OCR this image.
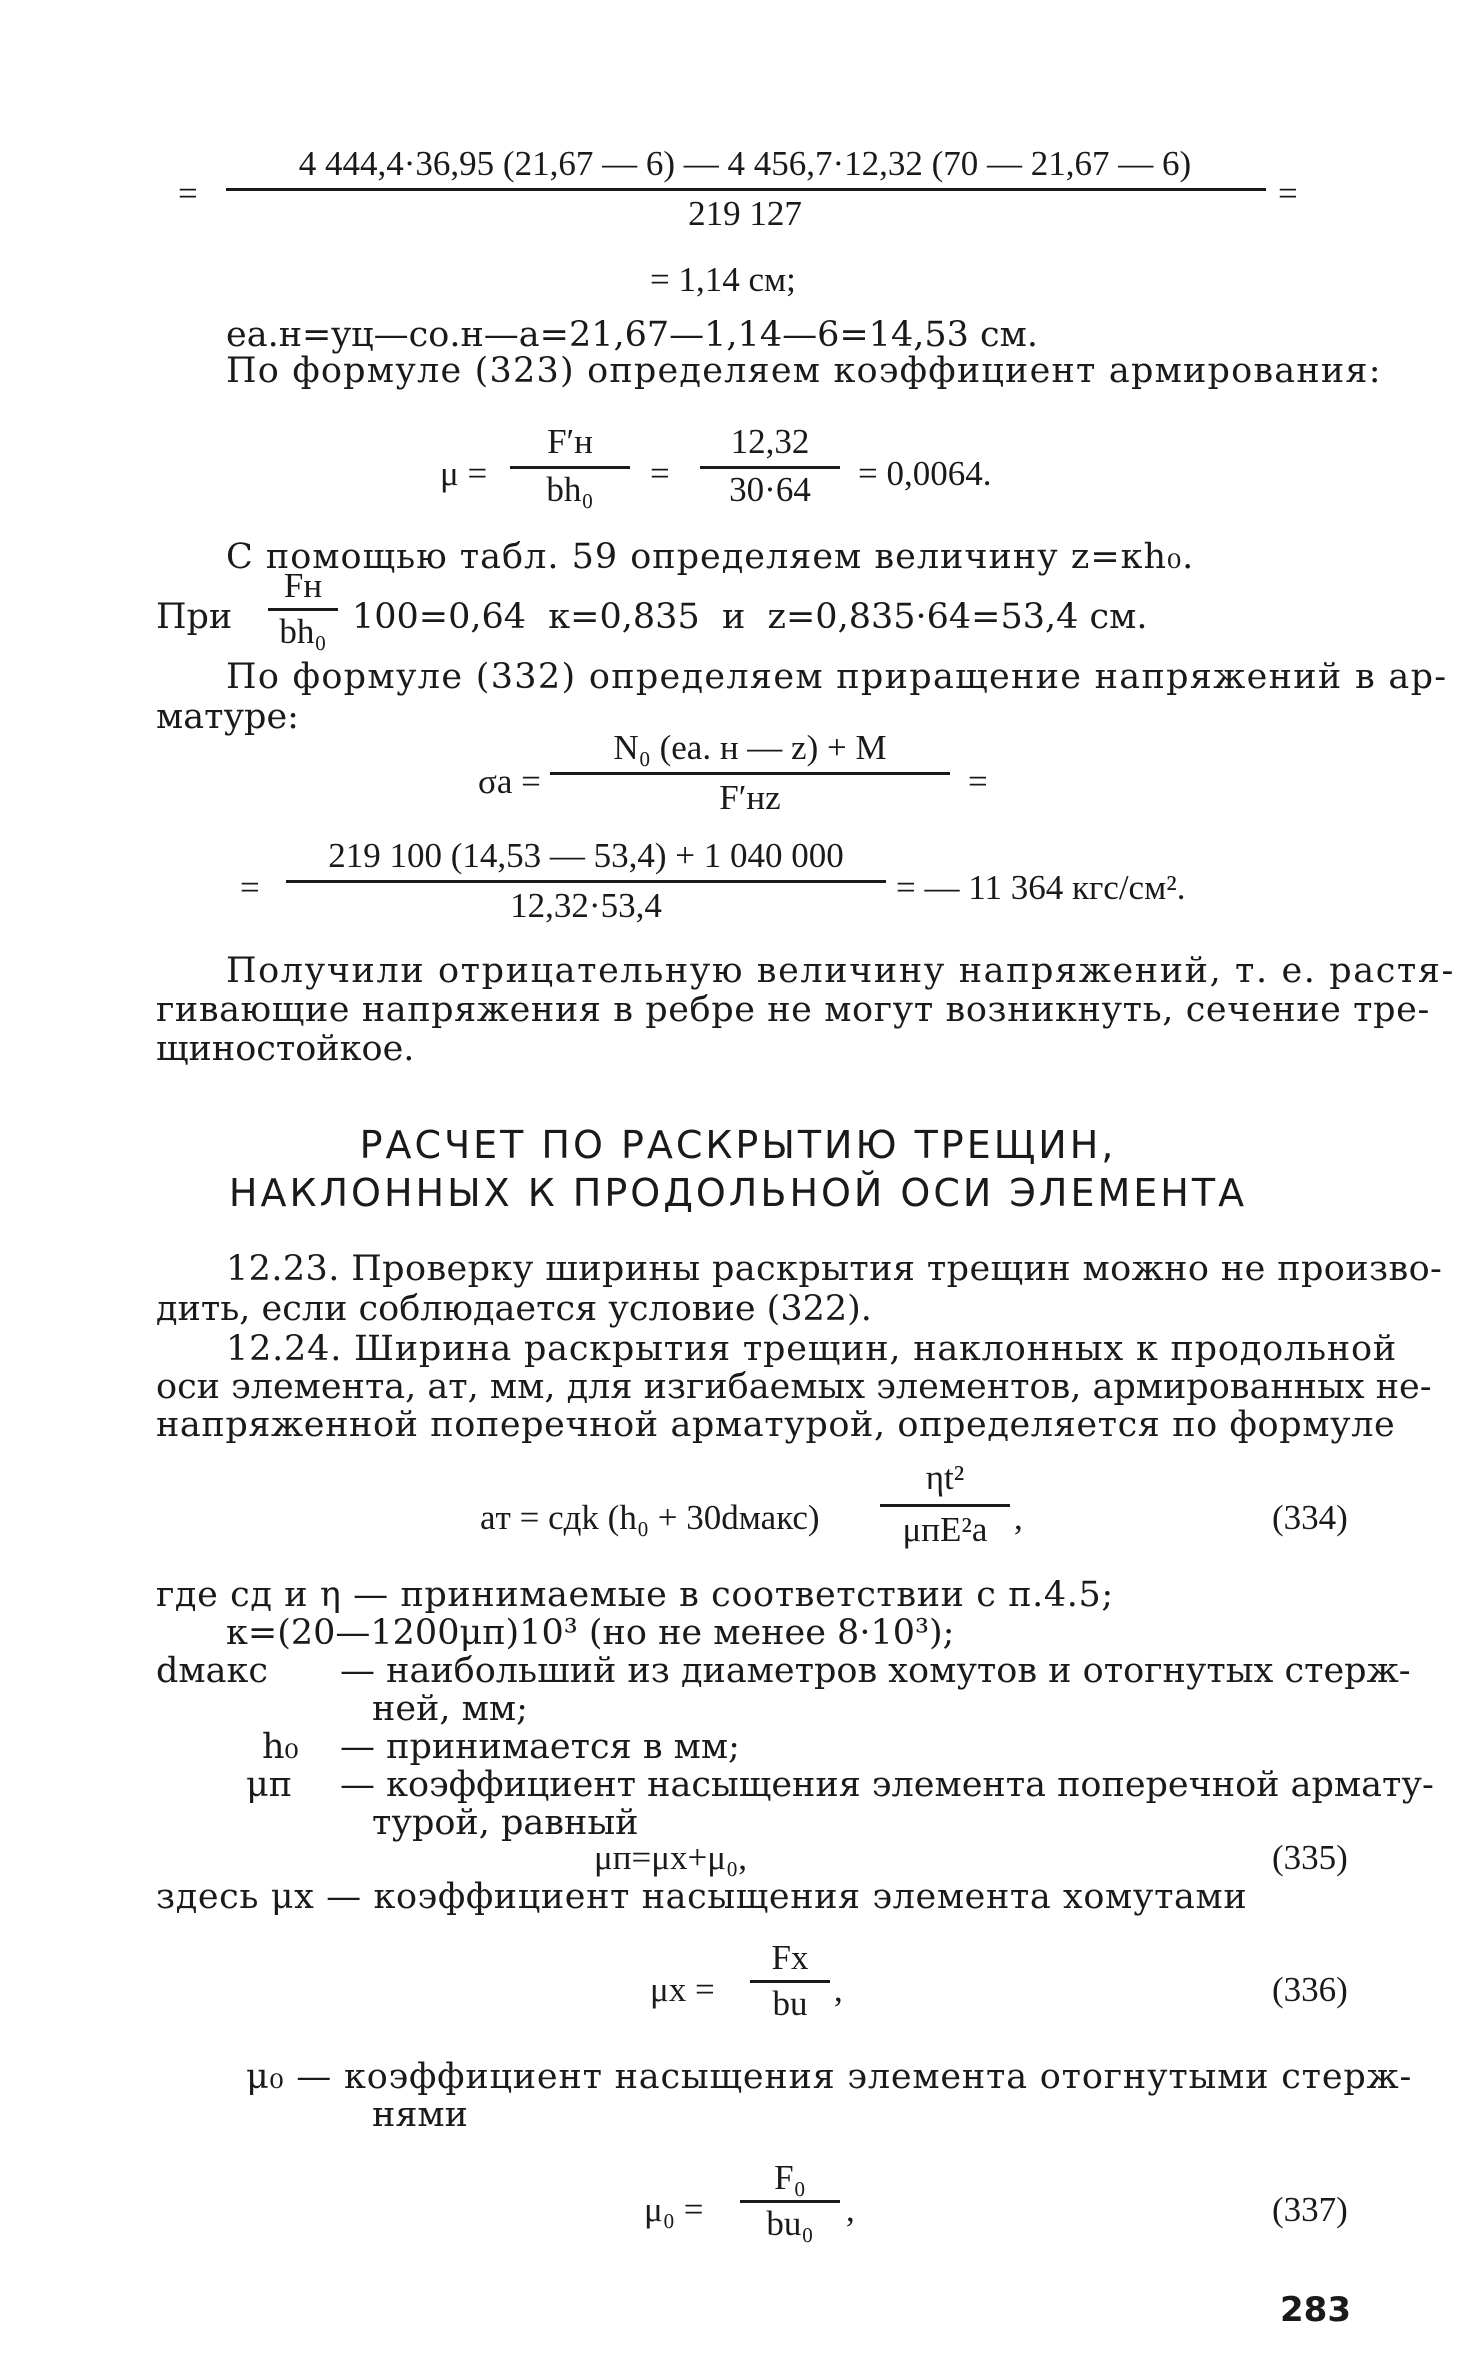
=
4 444,4·36,95 (21,67 — 6) — 4 456,7·12,32 (70 — 21,67 — 6)
219 127
=
= 1,14 см;
eа.н=yц—cо.н—a=21,67—1,14—6=14,53 см.
По формуле (323) определяем коэффициент армирования:
μ =
F′н
bh₀	=
12,32
30·64	= 0,0064.
С помощью табл. 59 определяем величину z=κh₀.
При
Fн
bh₀ 100=0,64  κ=0,835  и  z=0,835·64=53,4 см.
По формуле (332) определяем приращение напряжений в ар-
матуре:
σа =
N₀ (eа. н — z) + M
F′нz	=
=
219 100 (14,53 — 53,4) + 1 040 000
12,32·53,4	= — 11 364 кгс/см².
Получили отрицательную величину напряжений, т. е. растя-
гивающие напряжения в ребре не могут возникнуть, сечение тре-
щиностойкое.
РАСЧЕТ ПО РАСКРЫТИЮ ТРЕЩИН,
НАКЛОННЫХ К ПРОДОЛЬНОЙ ОСИ ЭЛЕМЕНТА
12.23. Проверку ширины раскрытия трещин можно не произво-
дить, если соблюдается условие (322).
12.24. Ширина раскрытия трещин, наклонных к продольной
оси элемента, aт, мм, для изгибаемых элементов, армированных не-
напряженной поперечной арматурой, определяется по формуле
aт = cдk (h₀ + 30dмакс)
ηt²
μпE²а ,	(334)
где cд и η — принимаемые в соответствии с п.4.5;
κ=(20—1200μп)10³ (но не менее 8·10³);
dмакс — наибольший из диаметров хомутов и отогнутых стерж-
ней, мм;
h₀ — принимается в мм;
μп — коэффициент насыщения элемента поперечной армату-
турой, равный
μп=μх+μ₀,	(335)
здесь μх — коэффициент насыщения элемента хомутами
μх =
Fх
bu ,	(336)
μ₀ — коэффициент насыщения элемента отогнутыми стерж-
нями
μ₀ =
F₀
bu₀ ,	(337)
283
